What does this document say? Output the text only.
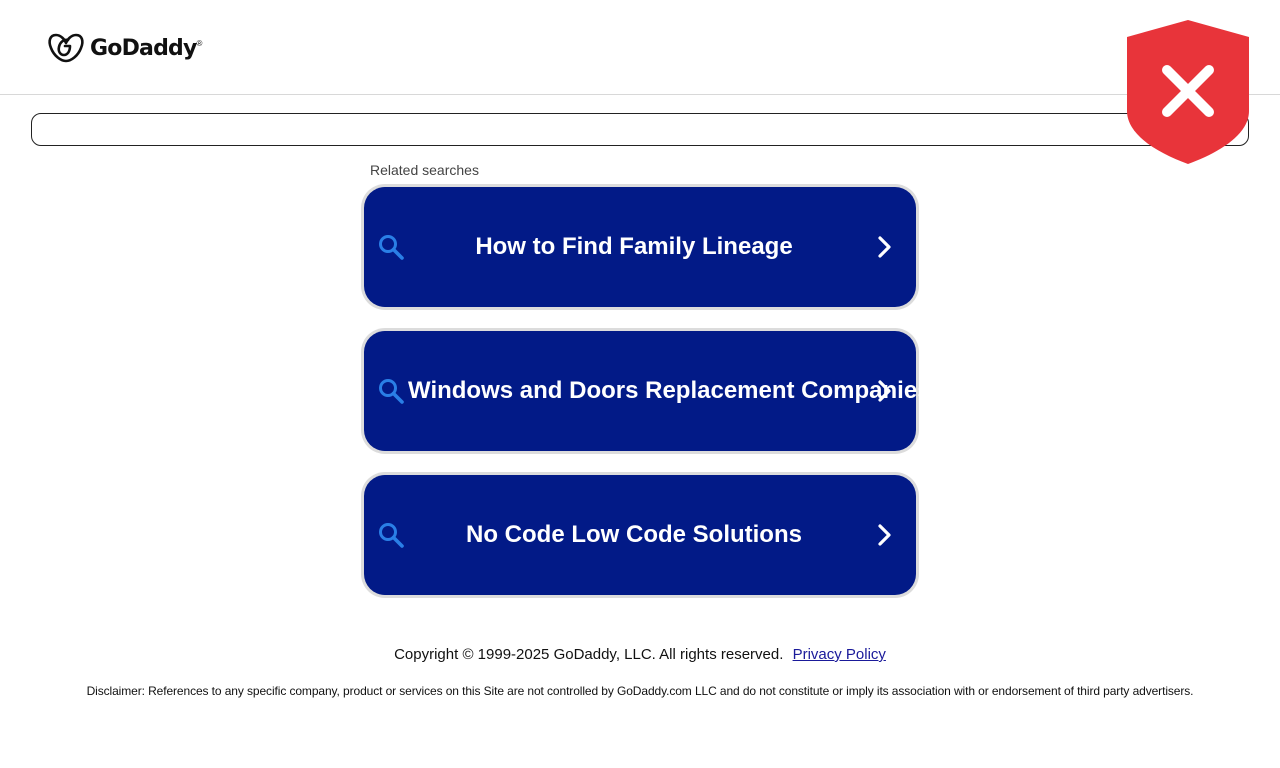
GoDaddy ®
Related searches
How to Find Family Lineage
Windows and Doors Replacement Companies
No Code Low Code Solutions
Copyright © 1999-2025 GoDaddy, LLC. All rights reserved. Privacy Policy
Disclaimer: References to any specific company, product or services on this Site are not controlled by GoDaddy.com LLC and do not constitute or imply its association with or endorsement of third party advertisers.
